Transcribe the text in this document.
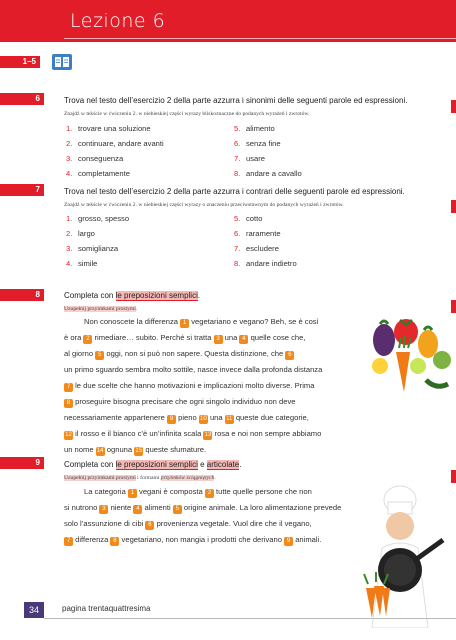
Lezione 6
1–5
6	Trova nel testo dell’esercizio 2 della parte azzurra i sinonimi delle seguenti parole ed espressioni.
Znajdź w tekście w ćwiczeniu 2. w niebieskiej części wyrazy bliskoznaczne do podanych wyrażeń i zwrotów.
1. trovare una soluzione
2. continuare, andare avanti
3. conseguenza
4. completamente
5. alimento
6. senza fine
7. usare
8. andare a cavallo
7	Trova nel testo dell’esercizio 2 della parte azzurra i contrari delle seguenti parole ed espressioni.
Znajdź w tekście w ćwiczeniu 2. w niebieskiej części wyrazy o znaczeniu przeciwstawnym do podanych wyrażeń i zwrotów.
1. grosso, spesso
2. largo
3. somiglianza
4. simile
5. cotto
6. raramente
7. escludere
8. andare indietro
8	Completa con le preposizioni semplici.
Uzupełnij przyimkami prostymi.
Non conoscete la differenza 1 vegetariano e vegano? Beh, se è così
è ora 2 rimediare… subito. Perché si tratta 3 una 4 quelle cose che,
al giorno 5 oggi, non si può non sapere. Questa distinzione, che 6
un primo sguardo sembra molto sottile, nasce invece dalla profonda distanza
7 le due scelte che hanno motivazioni e implicazioni molto diverse. Prima
8 proseguire bisogna precisare che ogni singolo individuo non deve
necessariamente appartenere 9 pieno 10 una 11 queste due categorie,
12 il rosso e il bianco c’è un’infinita scala 13 rosa e noi non sempre abbiamo
un nome 14 ognuna 15 queste sfumature.
9	Completa con le preposizioni semplici e articolate.
Uzupełnij przyimkami prostymi i formami przyimków ściągniętych.
La categoria 1 vegani è composta 2 tutte quelle persone che non
si nutrono 3 niente 4 alimenti 5 origine animale. La loro alimentazione prevede
solo l’assunzione di cibi 6 provenienza vegetale. Vuol dire che il vegano,
7 differenza 8 vegetariano, non mangia i prodotti che derivano 9 animali.
34	pagina trentaquattresima
